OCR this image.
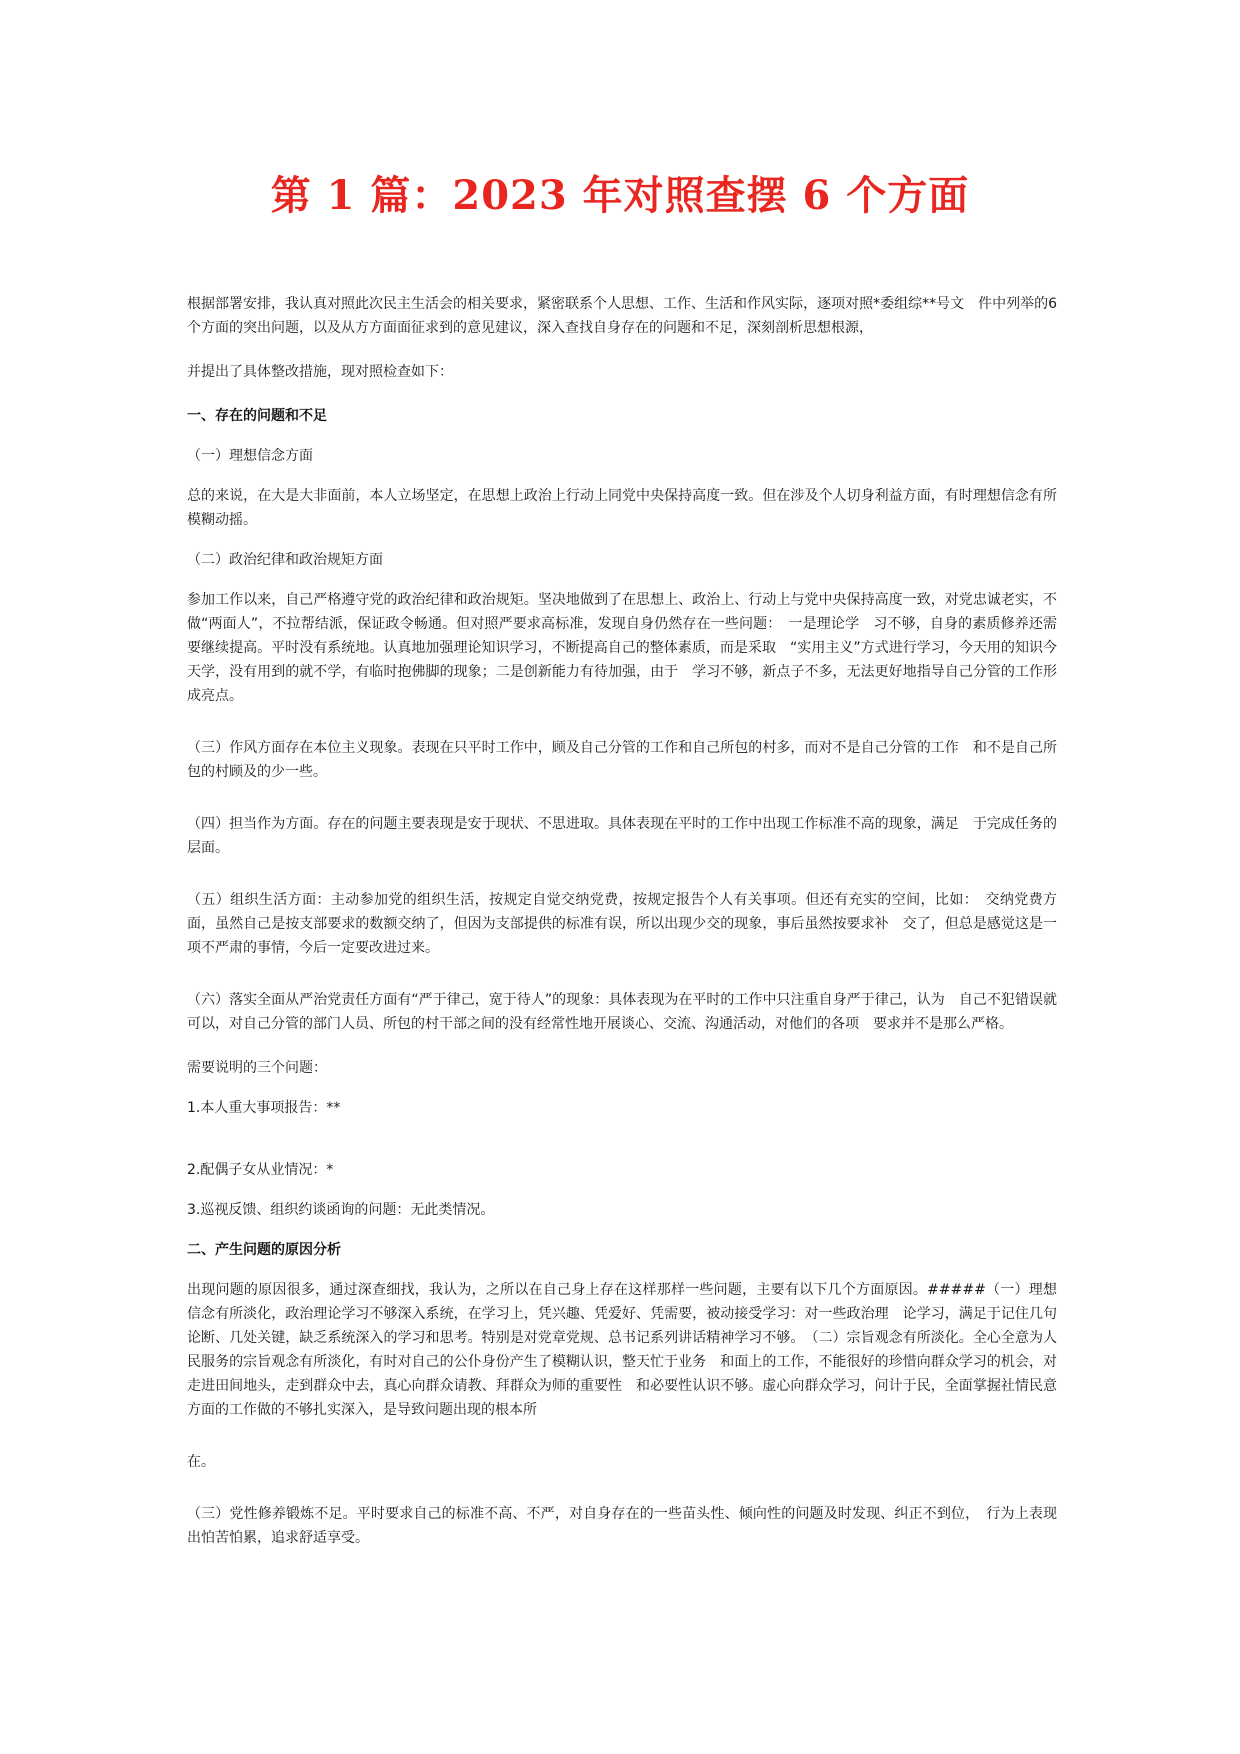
第 1 篇：2023 年对照查摆 6 个方面

根据部署安排，我认真对照此次民主生活会的相关要求，紧密联系个人思想、工作、生活和作风实际，逐项对照*委组综**号文　件中列举的6个方面的突出问题，以及从方方面面征求到的意见建议，深入查找自身存在的问题和不足，深刻剖析思想根源，

并提出了具体整改措施，现对照检查如下：

一、存在的问题和不足

（一）理想信念方面

总的来说，在大是大非面前，本人立场坚定，在思想上政治上行动上同党中央保持高度一致。但在涉及个人切身利益方面，有时理想信念有所模糊动摇。

（二）政治纪律和政治规矩方面

参加工作以来，自己严格遵守党的政治纪律和政治规矩。坚决地做到了在思想上、政治上、行动上与党中央保持高度一致，对党忠诚老实，不做“两面人”，不拉帮结派，保证政令畅通。但对照严要求高标准，发现自身仍然存在一些问题：　一是理论学　习不够，自身的素质修养还需要继续提高。平时没有系统地。认真地加强理论知识学习，不断提高自己的整体素质，而是采取　“实用主义”方式进行学习，今天用的知识今天学，没有用到的就不学，有临时抱佛脚的现象；二是创新能力有待加强，由于　学习不够，新点子不多，无法更好地指导自己分管的工作形成亮点。

（三）作风方面存在本位主义现象。表现在只平时工作中，顾及自己分管的工作和自己所包的村多，而对不是自己分管的工作　和不是自己所包的村顾及的少一些。

（四）担当作为方面。存在的问题主要表现是安于现状、不思进取。具体表现在平时的工作中出现工作标准不高的现象，满足　于完成任务的层面。

（五）组织生活方面：主动参加党的组织生活，按规定自觉交纳党费，按规定报告个人有关事项。但还有充实的空间，比如：　交纳党费方面，虽然自己是按支部要求的数额交纳了，但因为支部提供的标准有误，所以出现少交的现象，事后虽然按要求补　交了，但总是感觉这是一项不严肃的事情，今后一定要改进过来。

（六）落实全面从严治党责任方面有“严于律己，宽于待人”的现象：具体表现为在平时的工作中只注重自身严于律己，认为　自己不犯错误就可以，对自己分管的部门人员、所包的村干部之间的没有经常性地开展谈心、交流、沟通活动，对他们的各项　要求并不是那么严格。

需要说明的三个问题：

1.本人重大事项报告：**

2.配偶子女从业情况：*

3.巡视反馈、组织约谈函询的问题：无此类情况。

二、产生问题的原因分析

出现问题的原因很多，通过深查细找，我认为，之所以在自己身上存在这样那样一些问题，主要有以下几个方面原因。#####（一）理想信念有所淡化，政治理论学习不够深入系统，在学习上，凭兴趣、凭爱好、凭需要，被动接受学习：对一些政治理　论学习，满足于记住几句论断、几处关键，缺乏系统深入的学习和思考。特别是对党章党规、总书记系列讲话精神学习不够。　（二）宗旨观念有所淡化。全心全意为人民服务的宗旨观念有所淡化，有时对自己的公仆身份产生了模糊认识，整天忙于业务　和面上的工作，不能很好的珍惜向群众学习的机会，对走进田间地头，走到群众中去，真心向群众请教、拜群众为师的重要性　和必要性认识不够。虚心向群众学习，问计于民，全面掌握社情民意方面的工作做的不够扎实深入，是导致问题出现的根本所

在。

（三）党性修养锻炼不足。平时要求自己的标准不高、不严，对自身存在的一些苗头性、倾向性的问题及时发现、纠正不到位，　行为上表现出怕苦怕累，追求舒适享受。
